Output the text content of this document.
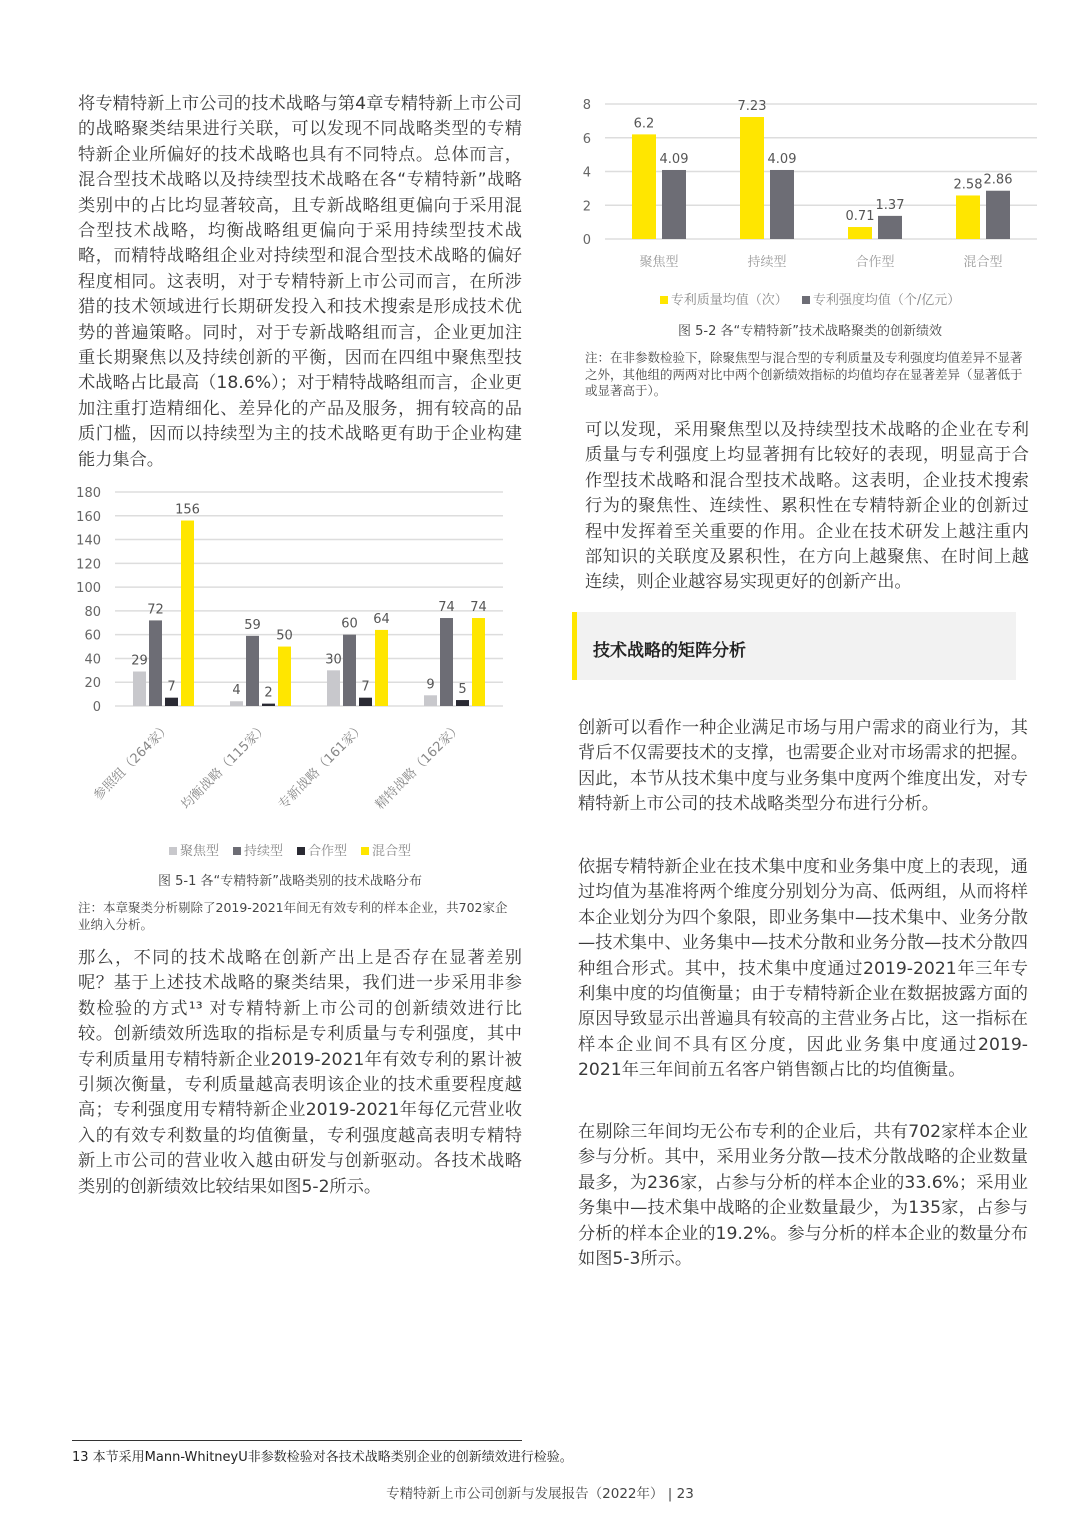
将专精特新上市公司的技术战略与第4章专精特新上市公司的战略聚类结果进行关联，可以发现不同战略类型的专精特新企业所偏好的技术战略也具有不同特点。总体而言，混合型技术战略以及持续型技术战略在各“专精特新”战略类别中的占比均显著较高，且专新战略组更偏向于采用混合型技术战略，均衡战略组更偏向于采用持续型技术战略，而精特战略组企业对持续型和混合型技术战略的偏好程度相同。这表明，对于专精特新上市公司而言，在所涉猎的技术领域进行长期研发投入和技术搜索是形成技术优势的普遍策略。同时，对于专新战略组而言，企业更加注重长期聚焦以及持续创新的平衡，因而在四组中聚焦型技术战略占比最高（18.6%）；对于精特战略组而言，企业更加注重打造精细化、差异化的产品及服务，拥有较高的品质门槛，因而以持续型为主的技术战略更有助于企业构建能力集合。
0
20
40
60
80
100
120
140
160
180
29
72
7
156
参照组（264家）
4
59
2
50
均衡战略（115家）
30
60
7
64
专新战略（161家）
9
74
5
74
精特战略（162家）
聚焦型	持续型	合作型	混合型
图 5-1 各“专精特新”战略类别的技术战略分布
注：本章聚类分析剔除了2019-2021年间无有效专利的样本企业，共702家企业纳入分析。
那么，不同的技术战略在创新产出上是否存在显著差别呢？基于上述技术战略的聚类结果，我们进一步采用非参数检验的方式¹³ 对专精特新上市公司的创新绩效进行比较。创新绩效所选取的指标是专利质量与专利强度，其中专利质量用专精特新企业2019-2021年有效专利的累计被引频次衡量，专利质量越高表明该企业的技术重要程度越高；专利强度用专精特新企业2019-2021年每亿元营业收入的有效专利数量的均值衡量，专利强度越高表明专精特新上市公司的营业收入越由研发与创新驱动。各技术战略类别的创新绩效比较结果如图5-2所示。
0
2
4
6
8
6.2
4.09
聚焦型
7.23
4.09
持续型
0.71
1.37
合作型
2.58 2.86
混合型
专利质量均值（次）	专利强度均值（个/亿元）
图 5-2 各“专精特新”技术战略聚类的创新绩效
注：在非参数检验下，除聚焦型与混合型的专利质量及专利强度均值差异不显著之外，其他组的两两对比中两个创新绩效指标的均值均存在显著差异（显著低于或显著高于）。
可以发现，采用聚焦型以及持续型技术战略的企业在专利质量与专利强度上均显著拥有比较好的表现，明显高于合作型技术战略和混合型技术战略。这表明，企业技术搜索行为的聚焦性、连续性、累积性在专精特新企业的创新过程中发挥着至关重要的作用。企业在技术研发上越注重内部知识的关联度及累积性，在方向上越聚焦、在时间上越连续，则企业越容易实现更好的创新产出。
技术战略的矩阵分析
创新可以看作一种企业满足市场与用户需求的商业行为，其背后不仅需要技术的支撑，也需要企业对市场需求的把握。因此，本节从技术集中度与业务集中度两个维度出发，对专精特新上市公司的技术战略类型分布进行分析。
依据专精特新企业在技术集中度和业务集中度上的表现，通过均值为基准将两个维度分别划分为高、低两组，从而将样本企业划分为四个象限，即业务集中—技术集中、业务分散—技术集中、业务集中—技术分散和业务分散—技术分散四种组合形式。其中，技术集中度通过2019-2021年三年专利集中度的均值衡量；由于专精特新企业在数据披露方面的原因导致显示出普遍具有较高的主营业务占比，这一指标在样本企业间不具有区分度，因此业务集中度通过2019-2021年三年间前五名客户销售额占比的均值衡量。
在剔除三年间均无公布专利的企业后，共有702家样本企业参与分析。其中，采用业务分散—技术分散战略的企业数量最多，为236家，占参与分析的样本企业的33.6%；采用业务集中—技术集中战略的企业数量最少，为135家，占参与分析的样本企业的19.2%。参与分析的样本企业的数量分布如图5-3所示。
13 本节采用Mann-WhitneyU非参数检验对各技术战略类别企业的创新绩效进行检验。
专精特新上市公司创新与发展报告（2022年） | 23
